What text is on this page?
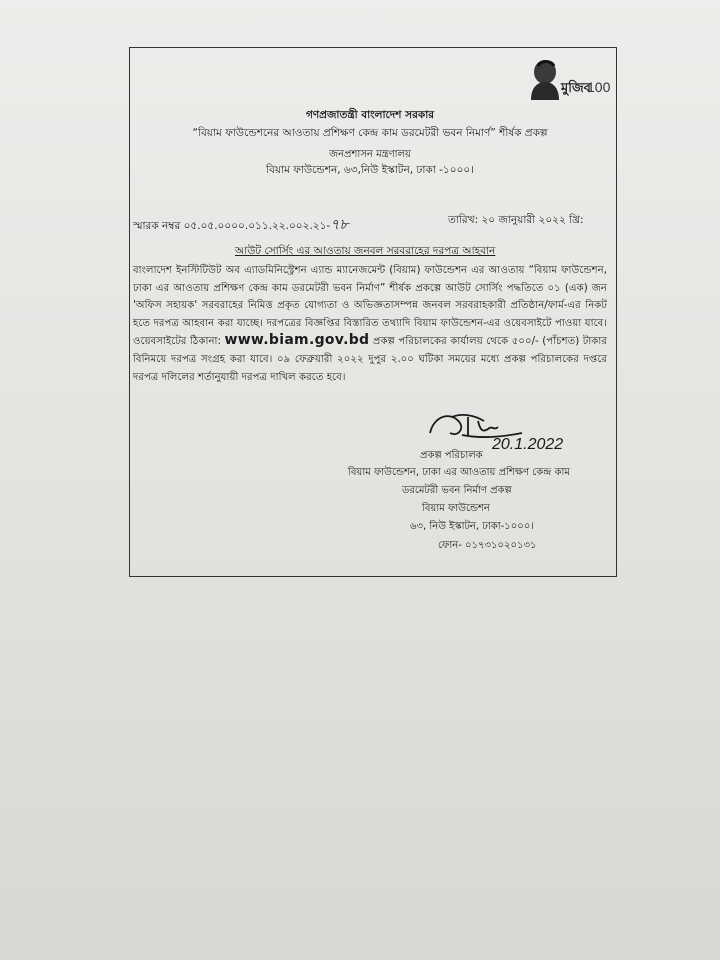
মুজিব
100
গণপ্রজাতন্ত্রী বাংলাদেশ সরকার
“বিয়াম ফাউন্ডেশনের আওতায় প্রশিক্ষণ কেন্দ্র কাম ডরমেটরী ভবন নিমার্ণ” শীর্ষক প্রকল্প
জনপ্রশাসন মন্ত্রণালয়
বিয়াম ফাউন্ডেশন, ৬৩,নিউ ইস্কাটন, ঢাকা -১০০০।
স্মারক নম্বর ০৫.০৫.০০০০.০১১.২২.০০২.২১-৭৮	তারিখ: ২০ জানুয়ারী ২০২২ খ্রি:
আউট সোর্সিং এর আওতায় জনবল সরবরাহের দরপত্র আহবান
বাংলাদেশ ইনস্টিটিউট অব এ্যাডমিনিস্ট্রেশন এ্যান্ড ম্যানেজমেন্ট (বিয়াম) ফাউন্ডেশন এর আওতায় “বিয়াম ফাউন্ডেশন, ঢাকা এর আওতায় প্রশিক্ষণ কেন্দ্র কাম ডরমেটরী ভবন নির্মাণ” শীর্ষক প্রকল্পে আউট সোর্সিং পদ্ধতিতে ০১ (এক) জন 'অফিস সহায়ক' সরবরাহের নিমিত্ত প্রকৃত যোগ্যতা ও অভিজ্ঞতাসম্পন্ন জনবল সরবরাহকারী প্রতিষ্ঠান/ফার্ম-এর নিকট হতে দরপত্র আহবান করা যাচ্ছে। দরপত্রের বিজ্ঞপ্তির বিস্তারিত তথ্যাদি বিয়াম ফাউন্ডেশন-এর ওয়েবসাইটে পাওয়া যাবে। ওয়েবসাইটের ঠিকানা: www.biam.gov.bd প্রকল্প পরিচালকের কার্যালয় থেকে ৫০০/- (পাঁচশত) টাকার বিনিময়ে দরপত্র সংগ্রহ করা যাবে। ০৯ ফেব্রুয়ারী ২০২২ দুপুর ২.০০ ঘটিকা সময়ের মধ্যে প্রকল্প পরিচালকের দপ্তরে দরপত্র দলিলের শর্তানুযায়ী দরপত্র দাখিল করতে হবে।
20.1.2022
প্রকল্প পরিচালক
বিয়াম ফাউন্ডেশন, ঢাকা এর আওতায় প্রশিক্ষণ কেন্দ্র কাম
ডরমেটরী ভবন নির্মাণ প্রকল্প
বিয়াম ফাউন্ডেশন
৬৩, নিউ ইস্কাটন, ঢাকা-১০০০।
ফোন- ০১৭৩১০২০১৩১
